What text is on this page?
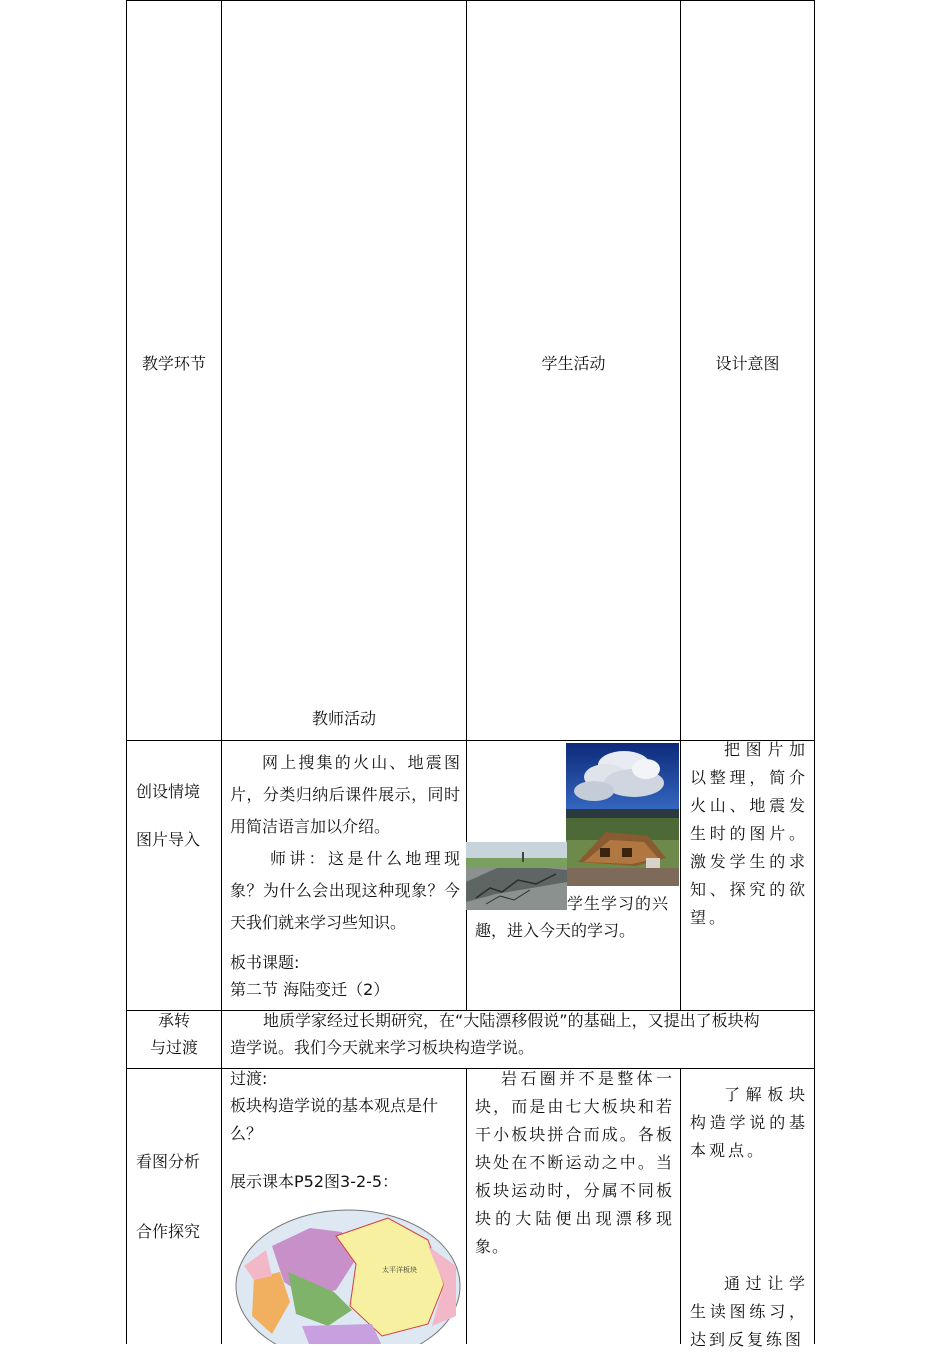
教学环节
教师活动
学生活动	设计意图
创设情境
图片导入
网上搜集的火山、地震图片，分类归纳后课件展示，同时用简洁语言加以介绍。
师讲：这是什么地理现象？为什么会出现这种现象？今天我们就来学习些知识。
板书课题:
第二节 海陆变迁（2）
学生学习的兴
趣，进入今天的学习。
把图片加以整理，简介火山、地震发生时的图片。激发学生的求知、探究的欲望。
承转
与过渡
地质学家经过长期研究，在“大陆漂移假说”的基础上，又提出了板块构
造学说。我们今天就来学习板块构造学说。
看图分析
合作探究
过渡:
板块构造学说的基本观点是什么？
展示课本P52图3-2-5：
太平洋板块
岩石圈并不是整体一块，而是由七大板块和若干小板块拼合而成。各板块处在不断运动之中。当板块运动时，分属不同板块的大陆便出现漂移现象。
了解板块构造学说的基本观点。
通过让学生读图练习，达到反复练图
